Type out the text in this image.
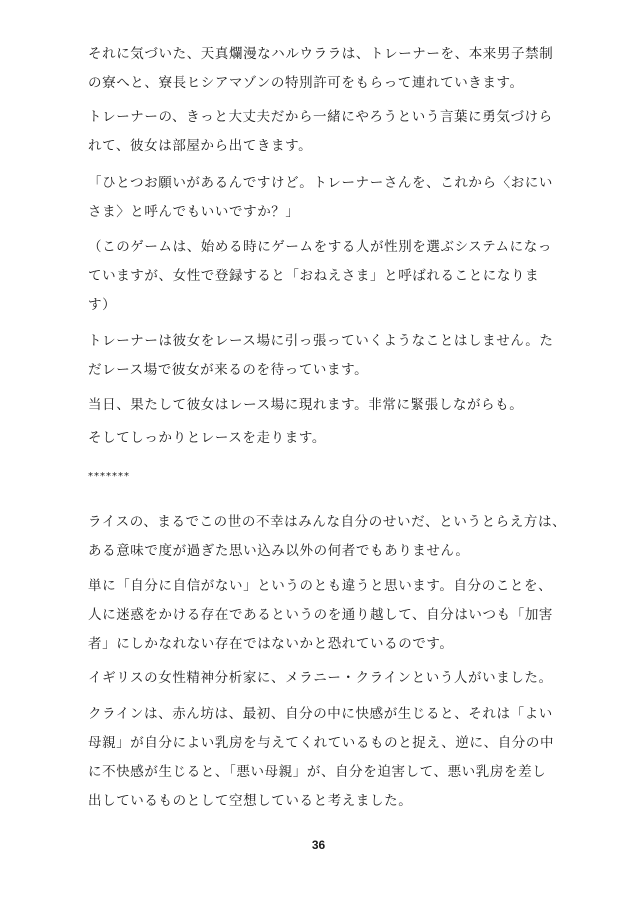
それに気づいた、天真爛漫なハルウララは、トレーナーを、本来男子禁制
の寮へと、寮長ヒシアマゾンの特別許可をもらって連れていきます。
トレーナーの、きっと大丈夫だから一緒にやろうという言葉に勇気づけら
れて、彼女は部屋から出てきます。
「ひとつお願いがあるんですけど。トレーナーさんを、これから〈おにい
さま〉と呼んでもいいですか？」
（このゲームは、始める時にゲームをする人が性別を選ぶシステムになっ
ていますが、女性で登録すると「おねえさま」と呼ばれることになりま
す）
トレーナーは彼女をレース場に引っ張っていくようなことはしません。た
だレース場で彼女が来るのを待っています。
当日、果たして彼女はレース場に現れます。非常に緊張しながらも。
そしてしっかりとレースを走ります。
*******
ライスの、まるでこの世の不幸はみんな自分のせいだ、というとらえ方は、
ある意味で度が過ぎた思い込み以外の何者でもありません。
単に「自分に自信がない」というのとも違うと思います。自分のことを、
人に迷惑をかける存在であるというのを通り越して、自分はいつも「加害
者」にしかなれない存在ではないかと恐れているのです。
イギリスの女性精神分析家に、メラニー・クラインという人がいました。
クラインは、赤ん坊は、最初、自分の中に快感が生じると、それは「よい
母親」が自分によい乳房を与えてくれているものと捉え、逆に、自分の中
に不快感が生じると、「悪い母親」が、自分を迫害して、悪い乳房を差し
出しているものとして空想していると考えました。
36
